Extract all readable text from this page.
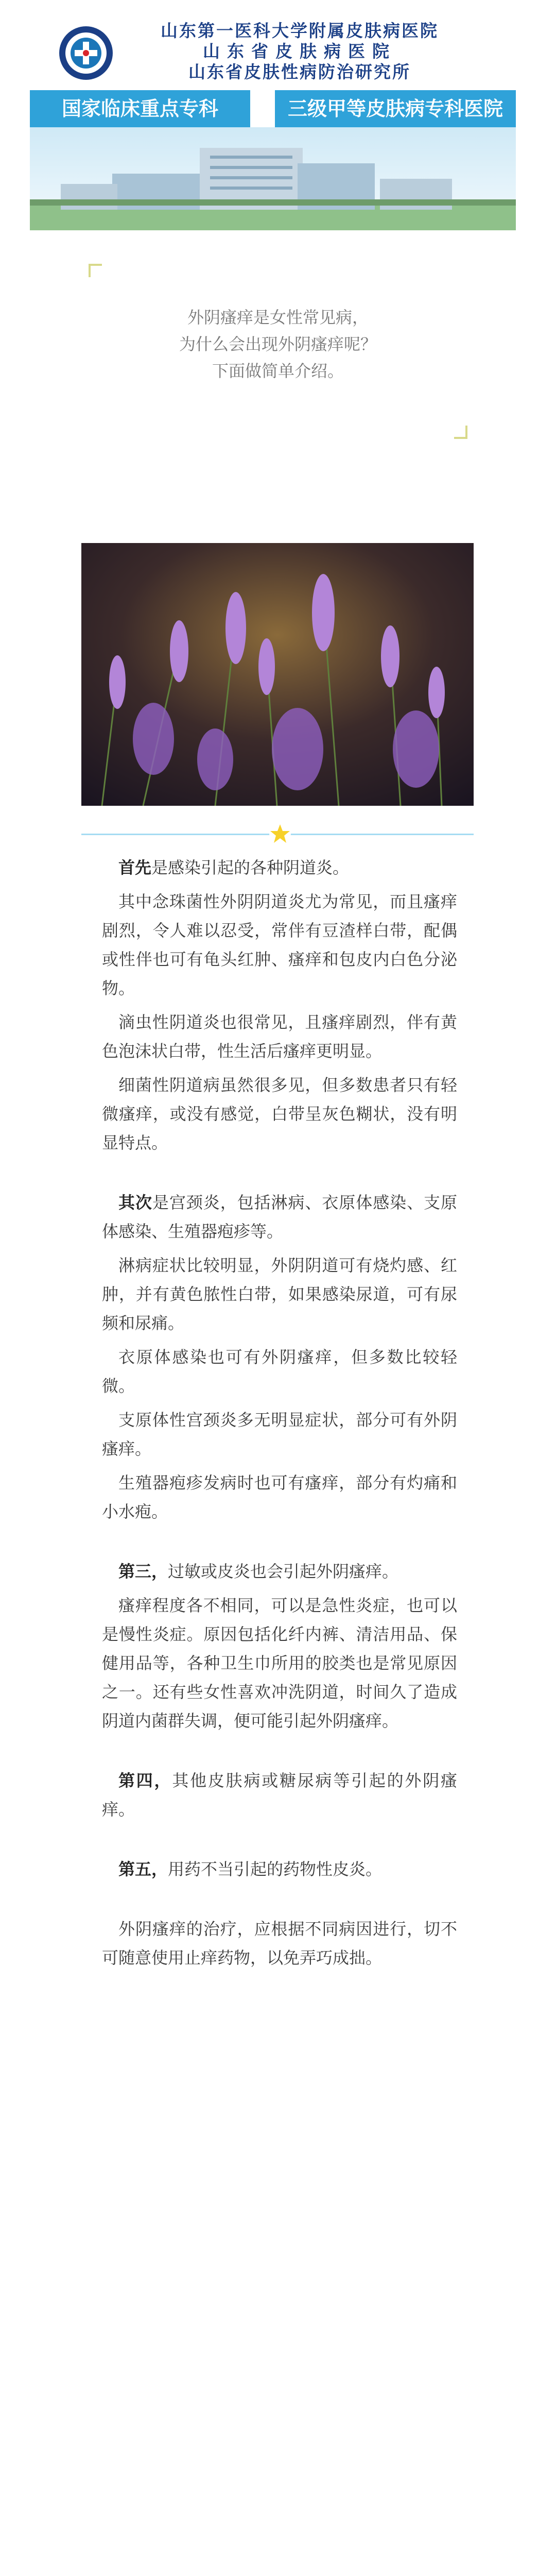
山东第一医科大学附属皮肤病医院
山东省皮肤病医院
山东省皮肤性病防治研究所
国家临床重点专科	三级甲等皮肤病专科医院
外阴瘙痒是女性常见病，
为什么会出现外阴瘙痒呢？
下面做简单介绍。

首先是感染引起的各种阴道炎。

其中念珠菌性外阴阴道炎尤为常见，而且瘙痒剧烈，令人难以忍受，常伴有豆渣样白带，配偶或性伴也可有龟头红肿、瘙痒和包皮内白色分泌物。

滴虫性阴道炎也很常见，且瘙痒剧烈，伴有黄色泡沫状白带，性生活后瘙痒更明显。

细菌性阴道病虽然很多见，但多数患者只有轻微瘙痒，或没有感觉，白带呈灰色糊状，没有明显特点。

其次是宫颈炎，包括淋病、衣原体感染、支原体感染、生殖器疱疹等。

淋病症状比较明显，外阴阴道可有烧灼感、红肿，并有黄色脓性白带，如果感染尿道，可有尿频和尿痛。

衣原体感染也可有外阴瘙痒，但多数比较轻微。

支原体性宫颈炎多无明显症状，部分可有外阴瘙痒。

生殖器疱疹发病时也可有瘙痒，部分有灼痛和小水疱。

第三，过敏或皮炎也会引起外阴瘙痒。

瘙痒程度各不相同，可以是急性炎症，也可以是慢性炎症。原因包括化纤内裤、清洁用品、保健用品等，各种卫生巾所用的胶类也是常见原因之一。还有些女性喜欢冲洗阴道，时间久了造成阴道内菌群失调，便可能引起外阴瘙痒。

第四，其他皮肤病或糖尿病等引起的外阴瘙痒。

第五，用药不当引起的药物性皮炎。

外阴瘙痒的治疗，应根据不同病因进行，切不可随意使用止痒药物，以免弄巧成拙。
